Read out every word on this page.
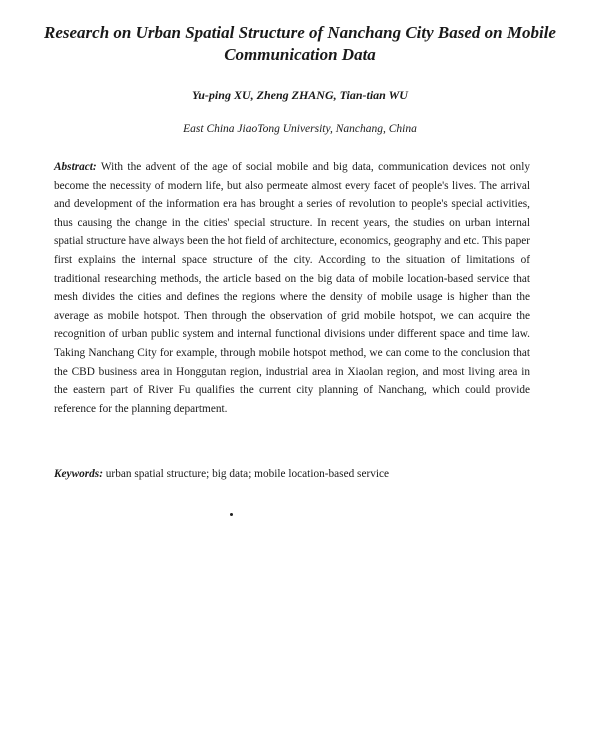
Research on Urban Spatial Structure of Nanchang City Based on Mobile Communication Data
Yu-ping XU, Zheng ZHANG, Tian-tian WU
East China JiaoTong University, Nanchang, China

Abstract: With the advent of the age of social mobile and big data, communication devices not only become the necessity of modern life, but also permeate almost every facet of people's lives. The arrival and development of the information era has brought a series of revolution to people's special activities, thus causing the change in the cities' special structure. In recent years, the studies on urban internal spatial structure have always been the hot field of architecture, economics, geography and etc. This paper first explains the internal space structure of the city. According to the situation of limitations of traditional researching methods, the article based on the big data of mobile location-based service that mesh divides the cities and defines the regions where the density of mobile usage is higher than the average as mobile hotspot. Then through the observation of grid mobile hotspot, we can acquire the recognition of urban public system and internal functional divisions under different space and time law. Taking Nanchang City for example, through mobile hotspot method, we can come to the conclusion that the CBD business area in Honggutan region, industrial area in Xiaolan region, and most living area in the eastern part of River Fu qualifies the current city planning of Nanchang, which could provide reference for the planning department.

Keywords: urban spatial structure; big data; mobile location-based service
